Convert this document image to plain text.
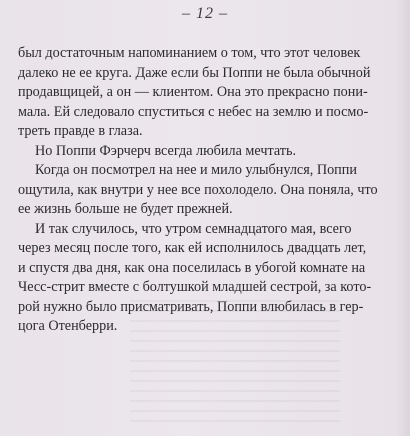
– 12 –
был достаточным напоминанием о том, что этот человек
далеко не ее круга. Даже если бы Поппи не была обычной
продавщицей, а он — клиентом. Она это прекрасно пони-
мала. Ей следовало спуститься с небес на землю и посмо-
треть правде в глаза.
Но Поппи Фэрчерч всегда любила мечтать.
Когда он посмотрел на нее и мило улыбнулся, Поппи
ощутила, как внутри у нее все похолодело. Она поняла, что
ее жизнь больше не будет прежней.
И так случилось, что утром семнадцатого мая, всего
через месяц после того, как ей исполнилось двадцать лет,
и спустя два дня, как она поселилась в убогой комнате на
Чесс-стрит вместе с болтушкой младшей сестрой, за кото-
рой нужно было присматривать, Поппи влюбилась в гер-
цога Отенберри.
